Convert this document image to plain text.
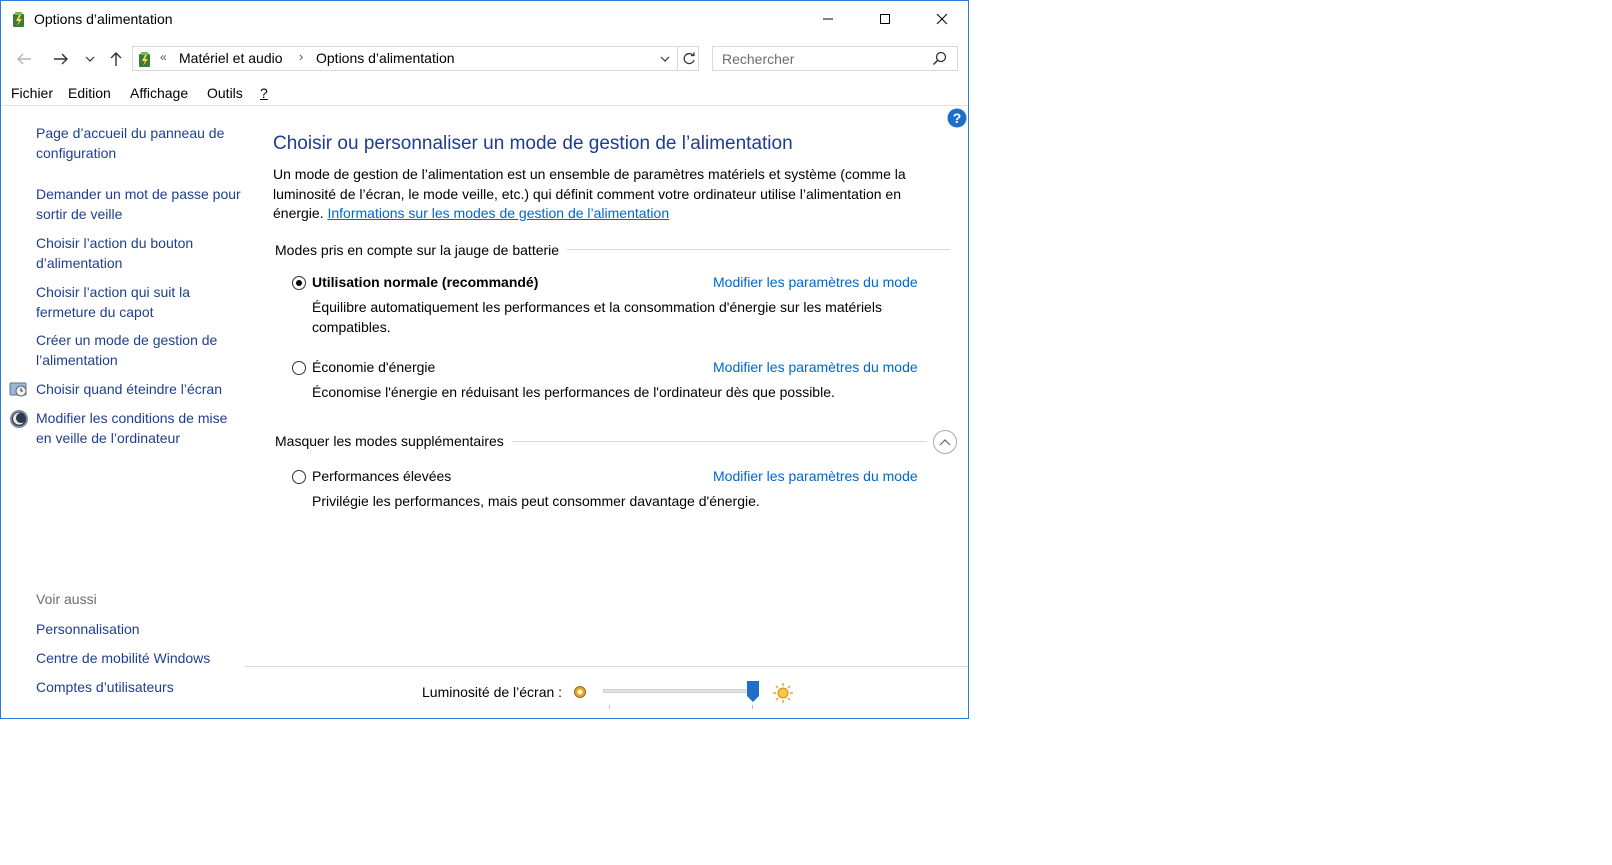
Options d’alimentation
« Matériel et audio › Options d’alimentation
Rechercher
Fichier Edition Affichage Outils ?
?
Page d’accueil du panneau de configuration
Demander un mot de passe pour sortir de veille
Choisir l’action du bouton d’alimentation
Choisir l’action qui suit la fermeture du capot
Créer un mode de gestion de l’alimentation
Choisir quand éteindre l’écran
Modifier les conditions de mise en veille de l’ordinateur
Voir aussi
Personnalisation
Centre de mobilité Windows
Comptes d’utilisateurs
Choisir ou personnaliser un mode de gestion de l’alimentation
Un mode de gestion de l’alimentation est un ensemble de paramètres matériels et système (comme la luminosité de l’écran, le mode veille, etc.) qui définit comment votre ordinateur utilise l’alimentation en énergie. Informations sur les modes de gestion de l’alimentation
Modes pris en compte sur la jauge de batterie
Utilisation normale (recommandé)	Modifier les paramètres du mode
Équilibre automatiquement les performances et la consommation d'énergie sur les matériels compatibles.
Économie d'énergie	Modifier les paramètres du mode
Économise l'énergie en réduisant les performances de l'ordinateur dès que possible.
Masquer les modes supplémentaires
Performances élevées	Modifier les paramètres du mode
Privilégie les performances, mais peut consommer davantage d'énergie.
Luminosité de l’écran :
